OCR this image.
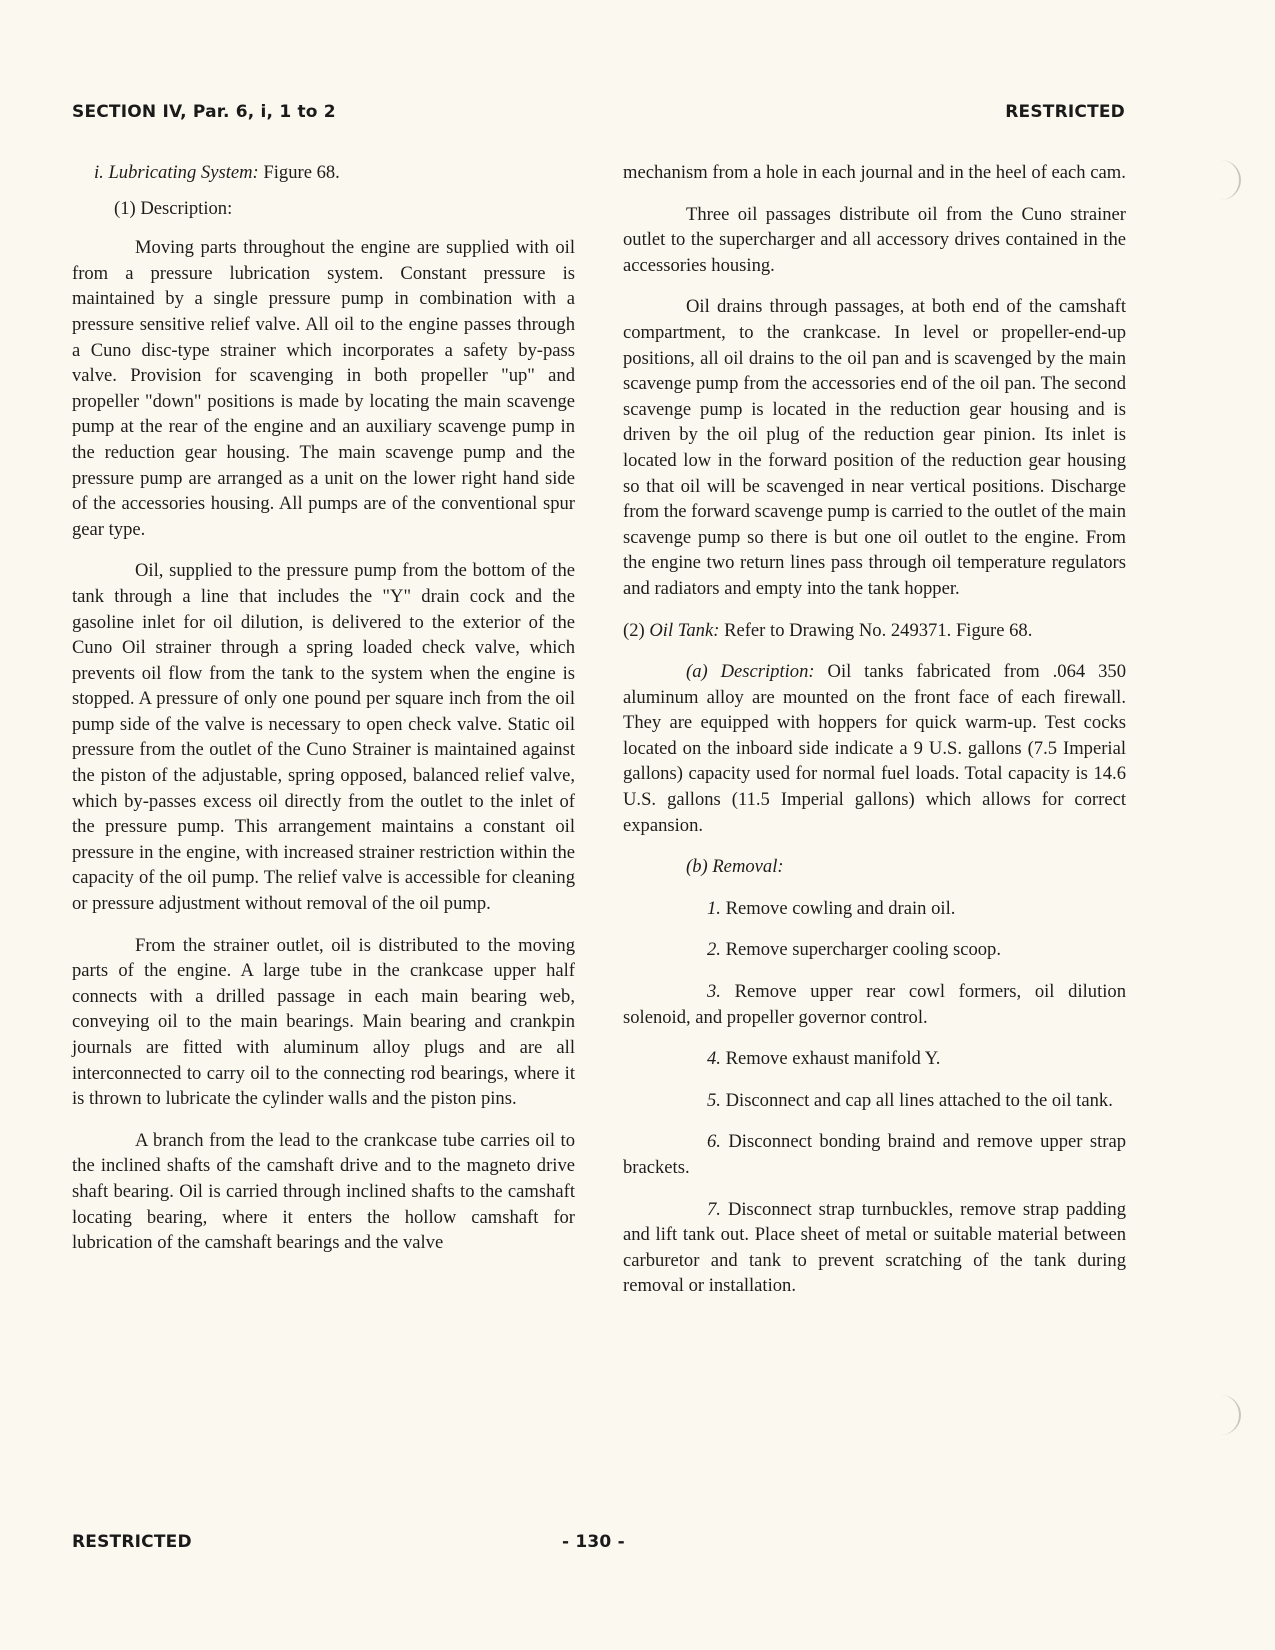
SECTION IV, Par. 6, i, 1 to 2	RESTRICTED

i. Lubricating System: Figure 68.

(1) Description:

Moving parts throughout the engine are supplied with oil from a pressure lubrication system. Constant pressure is maintained by a single pressure pump in combination with a pressure sensitive relief valve. All oil to the engine passes through a Cuno disc-type strainer which incorporates a safety by-pass valve. Provision for scavenging in both propeller "up" and propeller "down" positions is made by locating the main scavenge pump at the rear of the engine and an auxiliary scavenge pump in the reduction gear housing. The main scavenge pump and the pressure pump are arranged as a unit on the lower right hand side of the accessories housing. All pumps are of the conventional spur gear type.

Oil, supplied to the pressure pump from the bottom of the tank through a line that includes the "Y" drain cock and the gasoline inlet for oil dilution, is delivered to the exterior of the Cuno Oil strainer through a spring loaded check valve, which prevents oil flow from the tank to the system when the engine is stopped. A pressure of only one pound per square inch from the oil pump side of the valve is necessary to open check valve. Static oil pressure from the outlet of the Cuno Strainer is maintained against the piston of the adjustable, spring opposed, balanced relief valve, which by-passes excess oil directly from the outlet to the inlet of the pressure pump. This arrangement maintains a constant oil pressure in the engine, with increased strainer restriction within the capacity of the oil pump. The relief valve is accessible for cleaning or pressure adjustment without removal of the oil pump.

From the strainer outlet, oil is distributed to the moving parts of the engine. A large tube in the crankcase upper half connects with a drilled passage in each main bearing web, conveying oil to the main bearings. Main bearing and crankpin journals are fitted with aluminum alloy plugs and are all interconnected to carry oil to the connecting rod bearings, where it is thrown to lubricate the cylinder walls and the piston pins.

A branch from the lead to the crankcase tube carries oil to the inclined shafts of the camshaft drive and to the magneto drive shaft bearing. Oil is carried through inclined shafts to the camshaft locating bearing, where it enters the hollow camshaft for lubrication of the camshaft bearings and the valve

mechanism from a hole in each journal and in the heel of each cam.

Three oil passages distribute oil from the Cuno strainer outlet to the supercharger and all accessory drives contained in the accessories housing.

Oil drains through passages, at both end of the camshaft compartment, to the crankcase. In level or propeller-end-up positions, all oil drains to the oil pan and is scavenged by the main scavenge pump from the accessories end of the oil pan. The second scavenge pump is located in the reduction gear housing and is driven by the oil plug of the reduction gear pinion. Its inlet is located low in the forward position of the reduction gear housing so that oil will be scavenged in near vertical positions. Discharge from the forward scavenge pump is carried to the outlet of the main scavenge pump so there is but one oil outlet to the engine. From the engine two return lines pass through oil temperature regulators and radiators and empty into the tank hopper.

(2) Oil Tank: Refer to Drawing No. 249371. Figure 68.

(a) Description: Oil tanks fabricated from .064 350 aluminum alloy are mounted on the front face of each firewall. They are equipped with hoppers for quick warm-up. Test cocks located on the inboard side indicate a 9 U.S. gallons (7.5 Imperial gallons) capacity used for normal fuel loads. Total capacity is 14.6 U.S. gallons (11.5 Imperial gallons) which allows for correct expansion.

(b) Removal:

1. Remove cowling and drain oil.

2. Remove supercharger cooling scoop.

3. Remove upper rear cowl formers, oil dilution solenoid, and propeller governor control.

4. Remove exhaust manifold Y.

5. Disconnect and cap all lines attached to the oil tank.

6. Disconnect bonding braind and remove upper strap brackets.

7. Disconnect strap turnbuckles, remove strap padding and lift tank out. Place sheet of metal or suitable material between carburetor and tank to prevent scratching of the tank during removal or installation.

RESTRICTED	- 130 -
